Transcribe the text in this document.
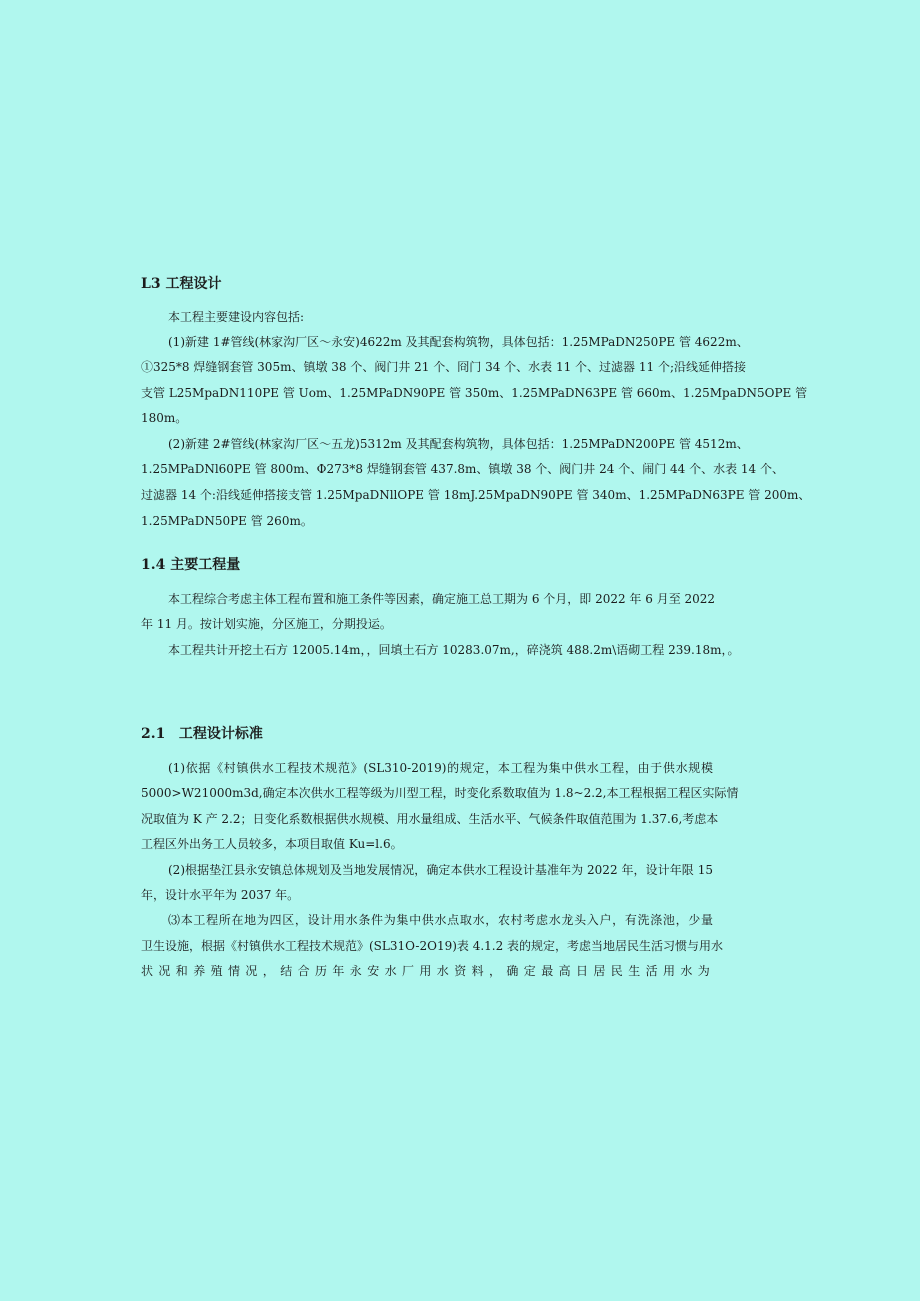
L3 工程设计
本工程主要建设内容包括:
(1)新建 1#管线(林家沟厂区～永安)4622m 及其配套构筑物，具体包括：1.25MPaDN250PE 管 4622m、
①325*8 焊缝钢套管 305m、镇墩 38 个、阀门井 21 个、冏门 34 个、水表 11 个、过滤器 11 个;沿线延伸搭接
支管 L25MpaDN110PE 管 Uom、1.25MPaDN90PE 管 350m、1.25MPaDN63PE 管 660m、1.25MpaDN5OPE 管
180m。
(2)新建 2#管线(林家沟厂区～五龙)5312m 及其配套构筑物，具体包括：1.25MPaDN200PE 管 4512m、
1.25MPaDNl60PE 管 800m、Φ273*8 焊缝钢套管 437.8m、镇墩 38 个、阀门井 24 个、闹门 44 个、水表 14 个、
过滤器 14 个:沿线延伸搭接支管 1.25MpaDNllOPE 管 18mJ.25MpaDN90PE 管 340m、1.25MPaDN63PE 管 200m、
1.25MPaDN50PE 管 260m。
1.4 主要工程量
本工程综合考虑主体工程布置和施工条件等因素，确定施工总工期为 6 个月，即 2022 年 6 月至 2022
年 11 月。按计划实施，分区施工，分期投运。
本工程共计开挖土石方 12005.14m，，回填土石方 10283.07m,，碎浇筑 488.2m\语砌工程 239.18m，。
2.1 工程设计标准
(1)依据《村镇供水工程技术规范》(SL310-2019)的规定，本工程为集中供水工程，由于供水规模
5000>W21000m3d,确定本次供水工程等级为川型工程，时变化系数取值为 1.8~2.2,本工程根据工程区实际情
况取值为 K 产 2.2；日变化系数根据供水规模、用水量组成、生活水平、气候条件取值范围为 1.37.6,考虑本
工程区外出务工人员较多，本项目取值 Ku=l.6。
(2)根据垫江县永安镇总体规划及当地发展情况，确定本供水工程设计基准年为 2022 年，设计年限 15
年，设计水平年为 2037 年。
⑶本工程所在地为四区，设计用水条件为集中供水点取水，农村考虑水龙头入户，有洗涤池，少量
卫生设施，根据《村镇供水工程技术规范》(SL31O-2O19)表 4.1.2 表的规定，考虑当地居民生活习惯与用水
状况和养殖情况，结合历年永安水厂用水资料，确定最高日居民生活用水为
